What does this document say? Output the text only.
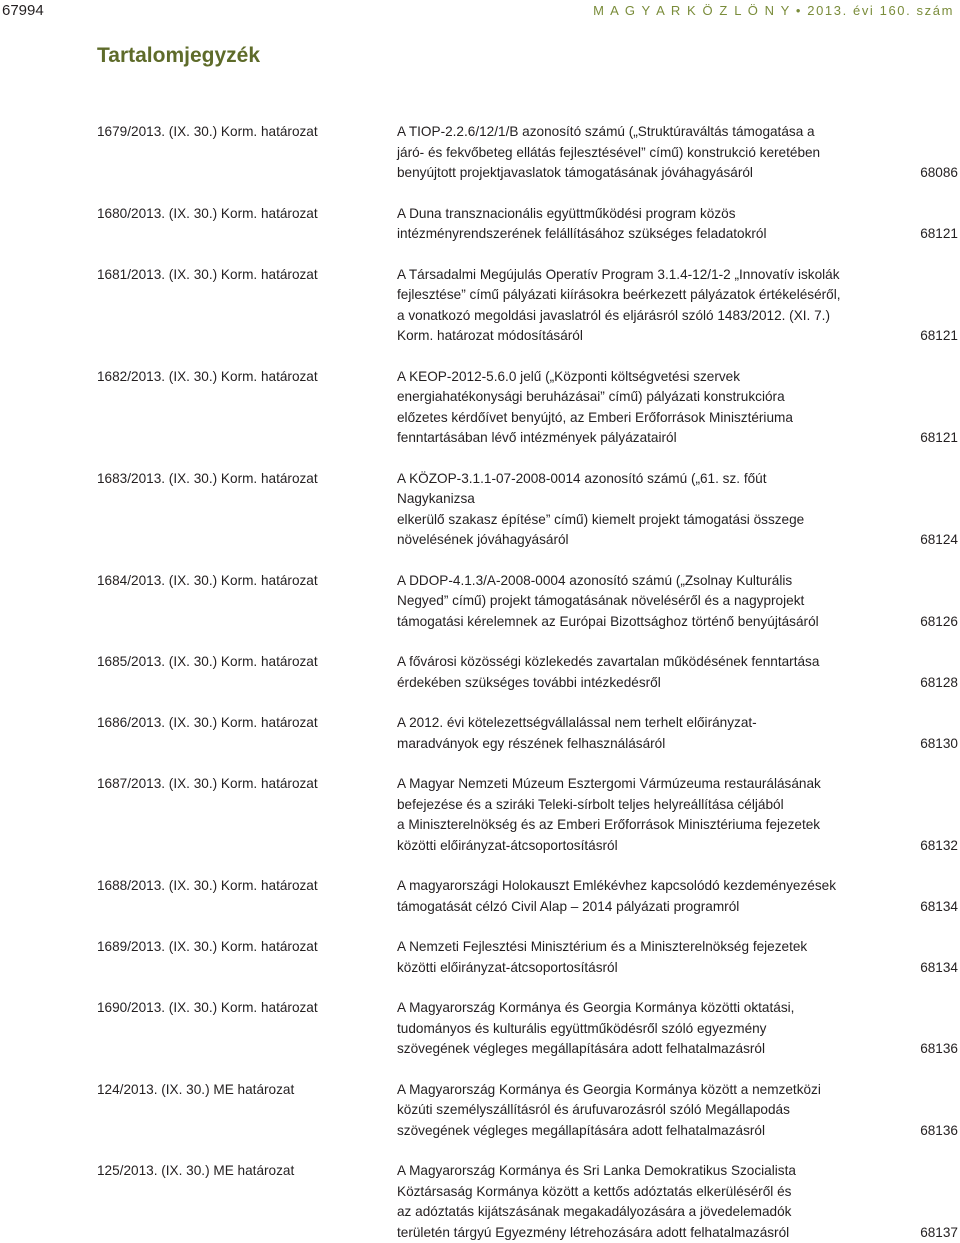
67994	M A G Y A R K Ö Z L Ö N Y • 2013. évi 160. szám
Tartalomjegyzék
1679/2013. (IX. 30.) Korm. határozat	A TIOP-2.2.6/12/1/B azonosító számú („Struktúraváltás támogatása a
járó- és fekvőbeteg ellátás fejlesztésével” című) konstrukció keretében
benyújtott projektjavaslatok támogatásának jóváhagyásáról	68086
1680/2013. (IX. 30.) Korm. határozat	A Duna transznacionális együttműködési program közös
intézményrendszerének felállításához szükséges feladatokról	68121
1681/2013. (IX. 30.) Korm. határozat	A Társadalmi Megújulás Operatív Program 3.1.4-12/1-2 „Innovatív iskolák
fejlesztése” című pályázati kiírásokra beérkezett pályázatok értékeléséről,
a vonatkozó megoldási javaslatról és eljárásról szóló 1483/2012. (XI. 7.)
Korm. határozat módosításáról	68121
1682/2013. (IX. 30.) Korm. határozat	A KEOP-2012-5.6.0 jelű („Központi költségvetési szervek
energiahatékonysági beruházásai” című) pályázati konstrukcióra
előzetes kérdőívet benyújtó, az Emberi Erőforrások Minisztériuma
fenntartásában lévő intézmények pályázatairól	68121
1683/2013. (IX. 30.) Korm. határozat	A KÖZOP-3.1.1-07-2008-0014 azonosító számú („61. sz. főút Nagykanizsa
elkerülő szakasz építése” című) kiemelt projekt támogatási összege
növelésének jóváhagyásáról	68124
1684/2013. (IX. 30.) Korm. határozat	A DDOP-4.1.3/A-2008-0004 azonosító számú („Zsolnay Kulturális
Negyed” című) projekt támogatásának növeléséről és a nagyprojekt
támogatási kérelemnek az Európai Bizottsághoz történő benyújtásáról	68126
1685/2013. (IX. 30.) Korm. határozat	A fővárosi közösségi közlekedés zavartalan működésének fenntartása
érdekében szükséges további intézkedésről	68128
1686/2013. (IX. 30.) Korm. határozat	A 2012. évi kötelezettségvállalással nem terhelt előirányzat-
maradványok egy részének felhasználásáról	68130
1687/2013. (IX. 30.) Korm. határozat	A Magyar Nemzeti Múzeum Esztergomi Vármúzeuma restaurálásának
befejezése és a sziráki Teleki-sírbolt teljes helyreállítása céljából
a Miniszterelnökség és az Emberi Erőforrások Minisztériuma fejezetek
közötti előirányzat-átcsoportosításról	68132
1688/2013. (IX. 30.) Korm. határozat	A magyarországi Holokauszt Emlékévhez kapcsolódó kezdeményezések
támogatását célzó Civil Alap – 2014 pályázati programról	68134
1689/2013. (IX. 30.) Korm. határozat	A Nemzeti Fejlesztési Minisztérium és a Miniszterelnökség fejezetek
közötti előirányzat-átcsoportosításról	68134
1690/2013. (IX. 30.) Korm. határozat	A Magyarország Kormánya és Georgia Kormánya közötti oktatási,
tudományos és kulturális együttműködésről szóló egyezmény
szövegének végleges megállapítására adott felhatalmazásról	68136
124/2013. (IX. 30.) ME határozat	A Magyarország Kormánya és Georgia Kormánya között a nemzetközi
közúti személyszállításról és árufuvarozásról szóló Megállapodás
szövegének végleges megállapítására adott felhatalmazásról	68136
125/2013. (IX. 30.) ME határozat	A Magyarország Kormánya és Sri Lanka Demokratikus Szocialista
Köztársaság Kormánya között a kettős adóztatás elkerüléséről és
az adóztatás kijátszásának megakadályozására a jövedelemadók
területén tárgyú Egyezmény létrehozására adott felhatalmazásról	68137
